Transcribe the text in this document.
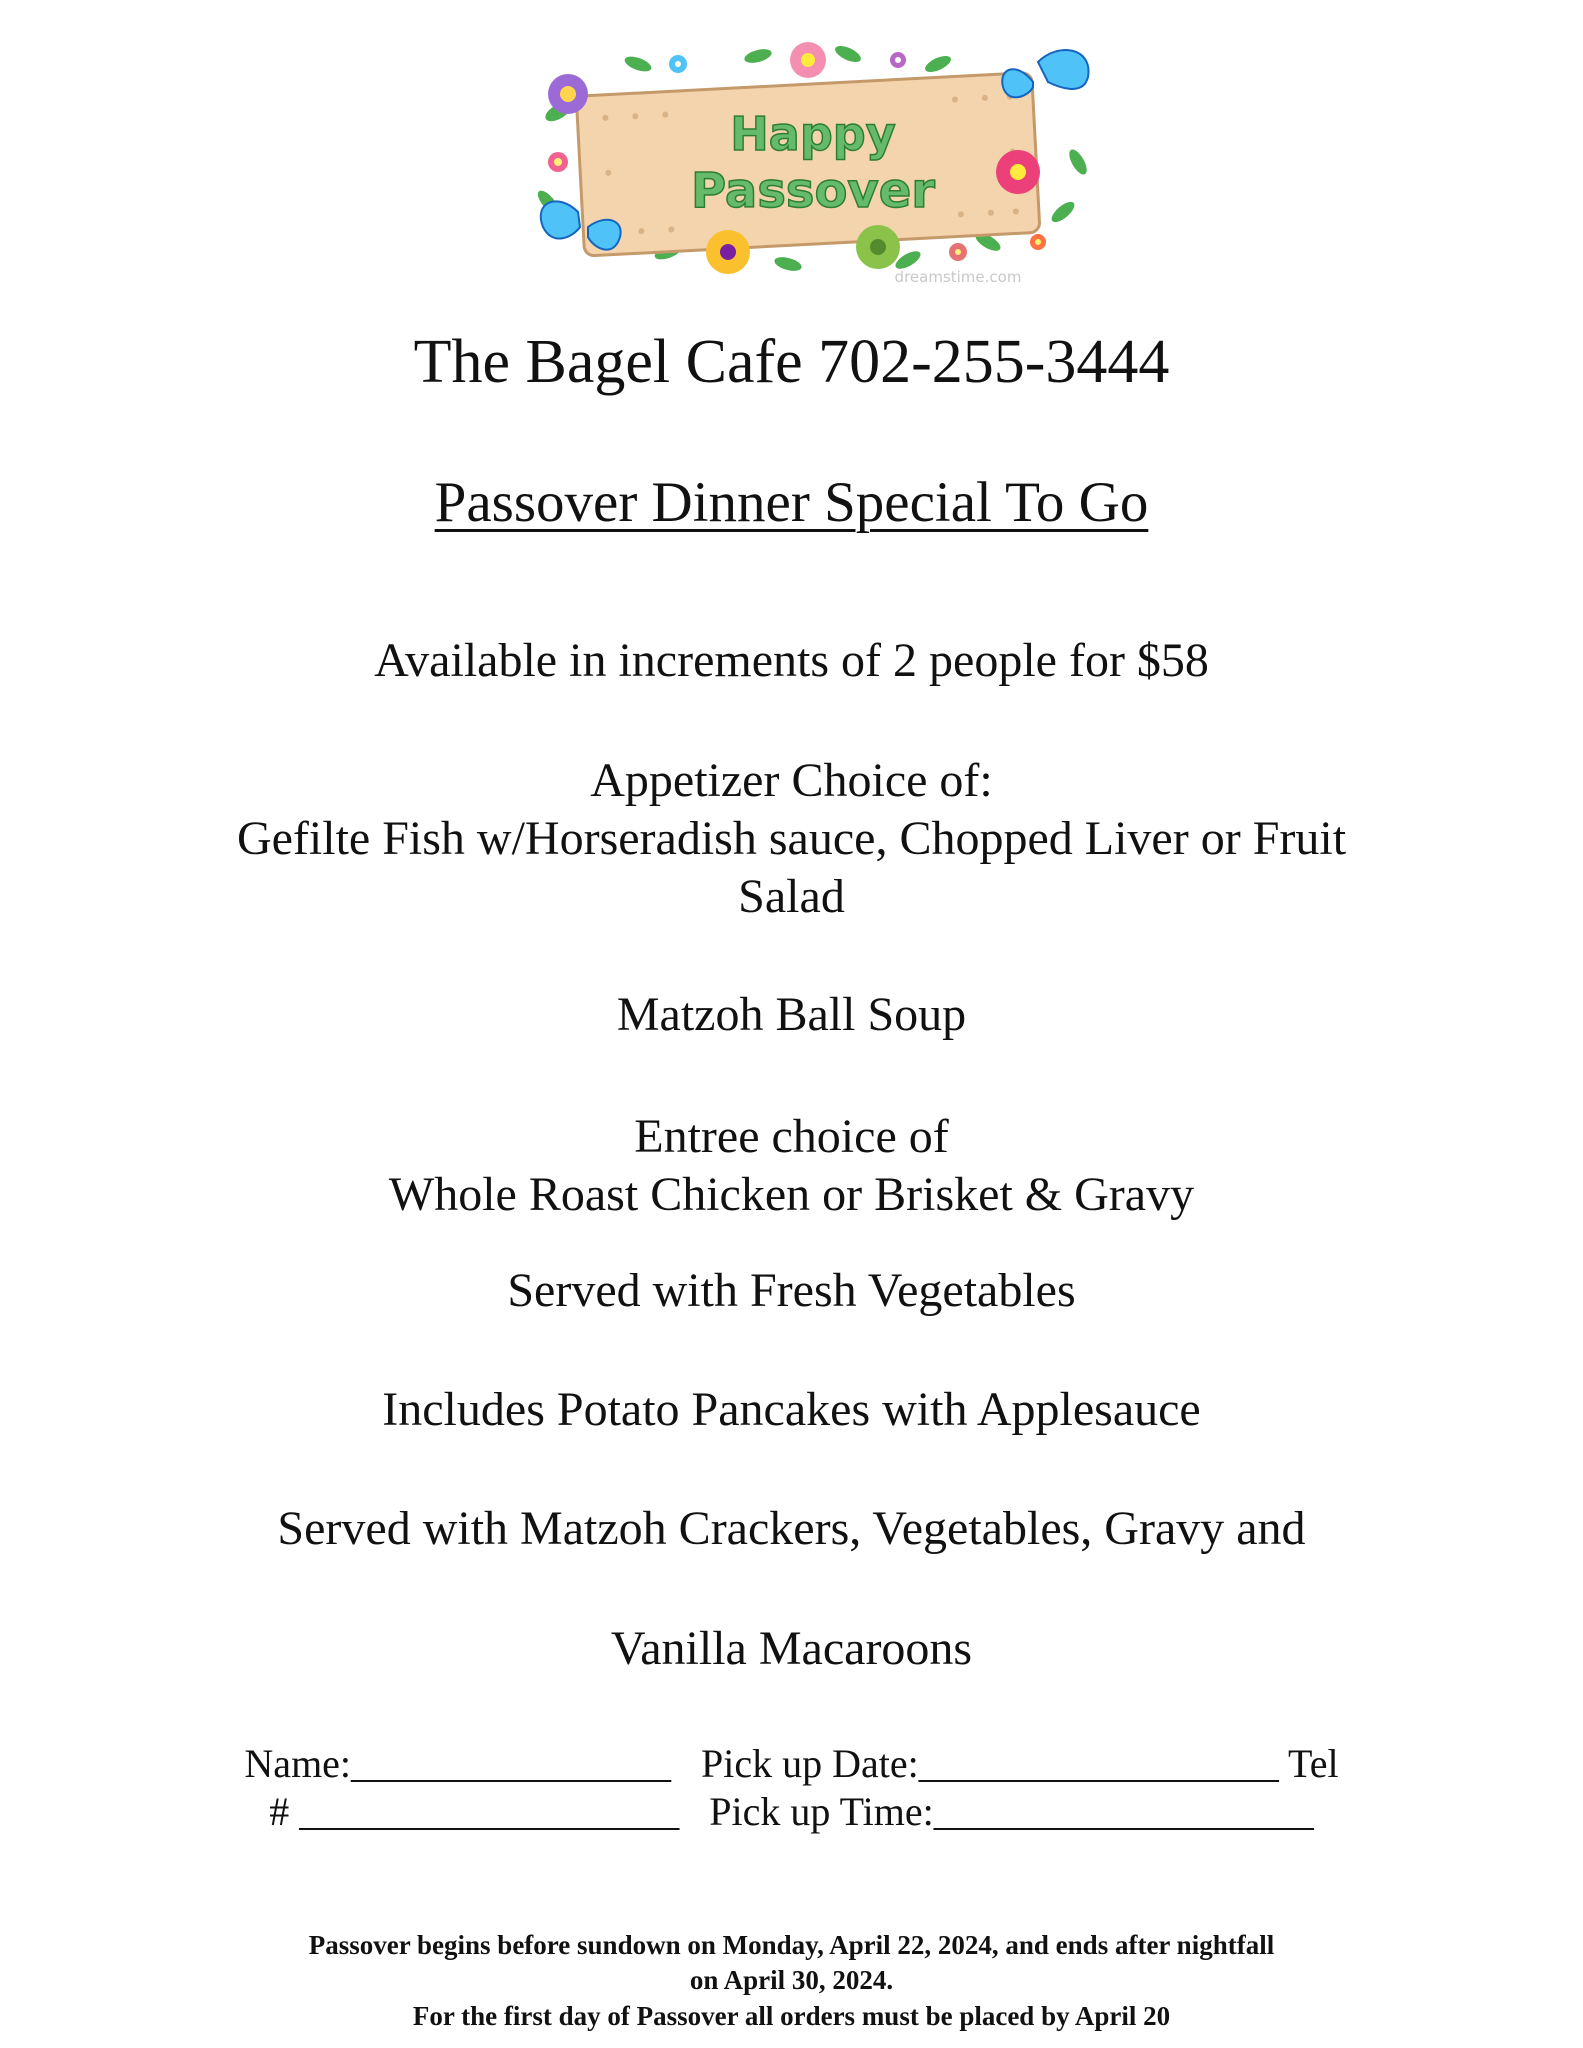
Happy
Passover
dreamstime.com
The Bagel Cafe 702-255-3444
Passover Dinner Special To Go

Available in increments of 2 people for $58

Appetizer Choice of:

Gefilte Fish w/Horseradish sauce, Chopped Liver or Fruit

Salad

Matzoh Ball Soup

Entree choice of

Whole Roast Chicken or Brisket & Gravy

Served with Fresh Vegetables

Includes Potato Pancakes with Applesauce

Served with Matzoh Crackers, Vegetables, Gravy and

Vanilla Macaroons

Name:________________   Pick up Date:__________________ Tel
# ___________________   Pick up Time:___________________
Passover begins before sundown on Monday, April 22, 2024, and ends after nightfall
on April 30, 2024.
For the first day of Passover all orders must be placed by April 20
